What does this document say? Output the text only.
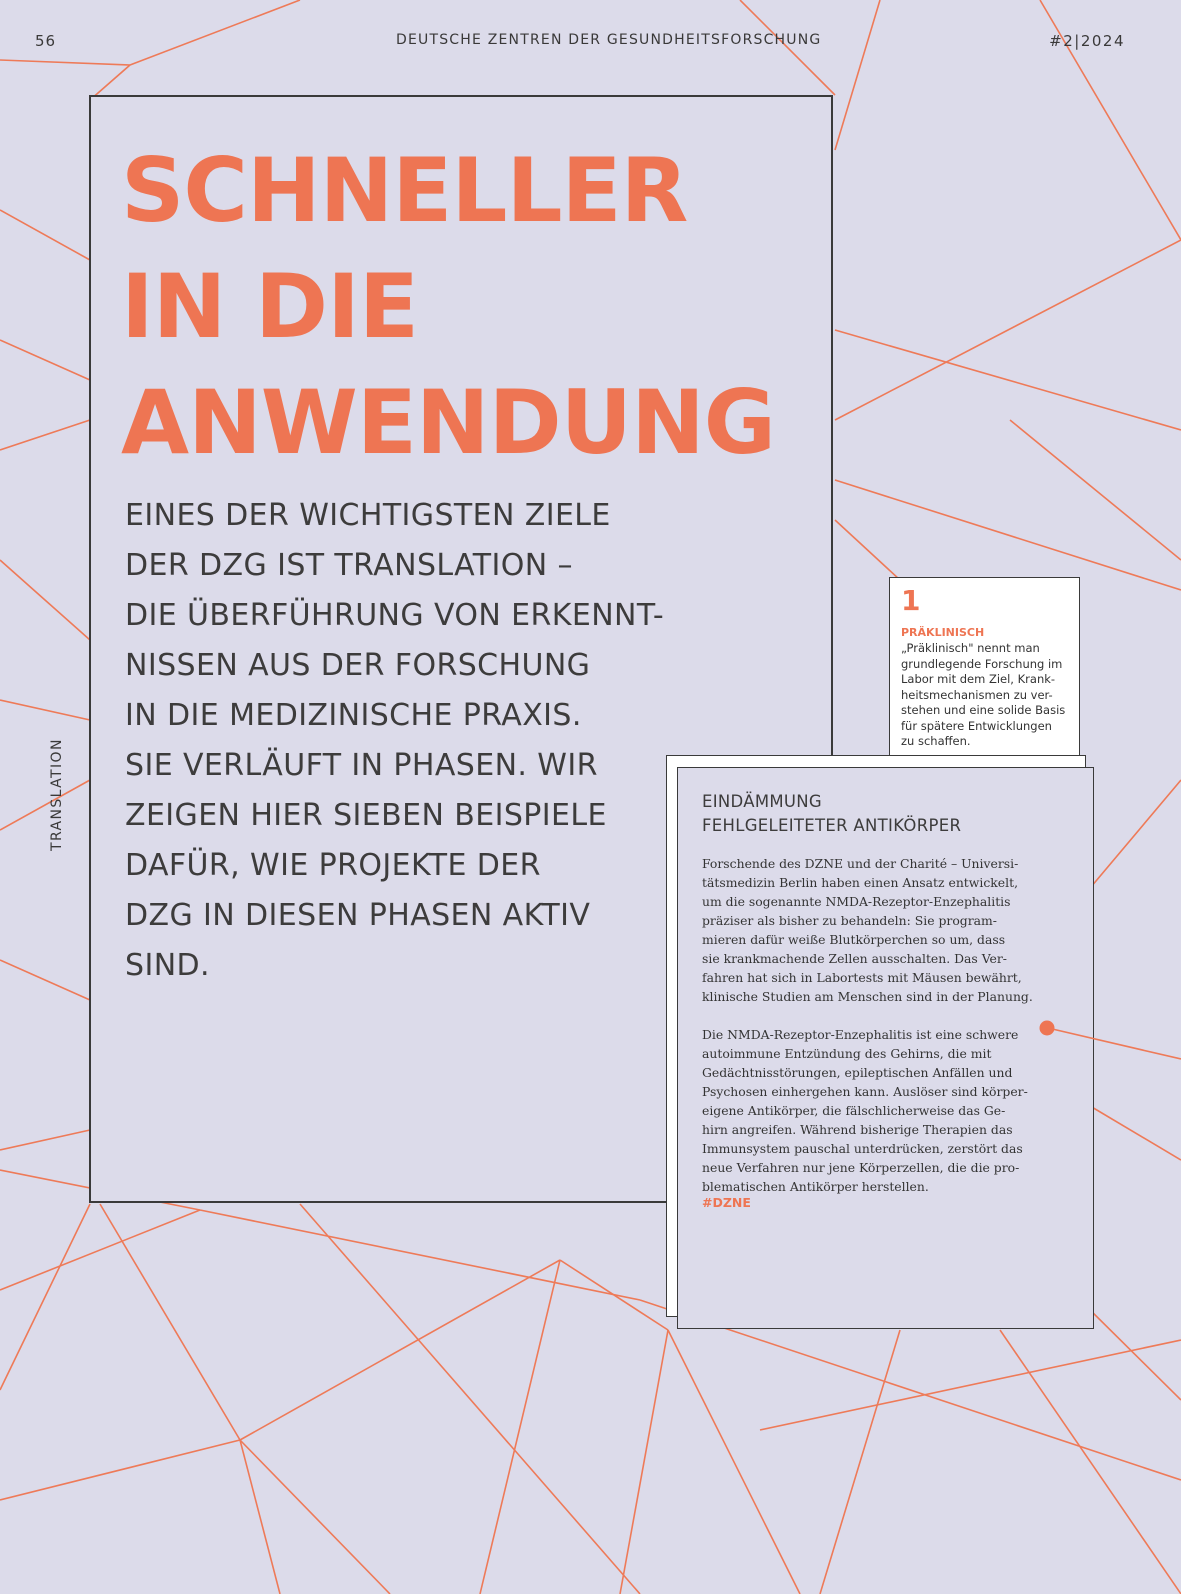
56	DEUTSCHE ZENTREN DER GESUNDHEITSFORSCHUNG	#2|2024
TRANSLATION
SCHNELLER
IN DIE
ANWENDUNG

EINES DER WICHTIGSTEN ZIELE
DER DZG IST TRANSLATION –
DIE ÜBERFÜHRUNG VON ERKENNT-
NISSEN AUS DER FORSCHUNG
IN DIE MEDIZINISCHE PRAXIS.
SIE VERLÄUFT IN PHASEN. WIR
ZEIGEN HIER SIEBEN BEISPIELE
DAFÜR, WIE PROJEKTE DER
DZG IN DIESEN PHASEN AKTIV
SIND.

1
PRÄKLINISCH
„Präklinisch" nennt man
grundlegende Forschung im
Labor mit dem Ziel, Krank-
heitsmechanismen zu ver-
stehen und eine solide Basis
für spätere Entwicklungen
zu schaffen.
EINDÄMMUNG
FEHLGELEITETER ANTIKÖRPER
Forschende des DZNE und der Charité – Universi-
tätsmedizin Berlin haben einen Ansatz entwickelt,
um die sogenannte NMDA-Rezeptor-Enzephalitis
präziser als bisher zu behandeln: Sie program-
mieren dafür weiße Blutkörperchen so um, dass
sie krankmachende Zellen ausschalten. Das Ver-
fahren hat sich in Labortests mit Mäusen bewährt,
klinische Studien am Menschen sind in der Planung.
Die NMDA-Rezeptor-Enzephalitis ist eine schwere
autoimmune Entzündung des Gehirns, die mit
Gedächtnisstörungen, epileptischen Anfällen und
Psychosen einhergehen kann. Auslöser sind körper-
eigene Antikörper, die fälschlicherweise das Ge-
hirn angreifen. Während bisherige Therapien das
Immunsystem pauschal unterdrücken, zerstört das
neue Verfahren nur jene Körperzellen, die die pro-
blematischen Antikörper herstellen.
#DZNE
